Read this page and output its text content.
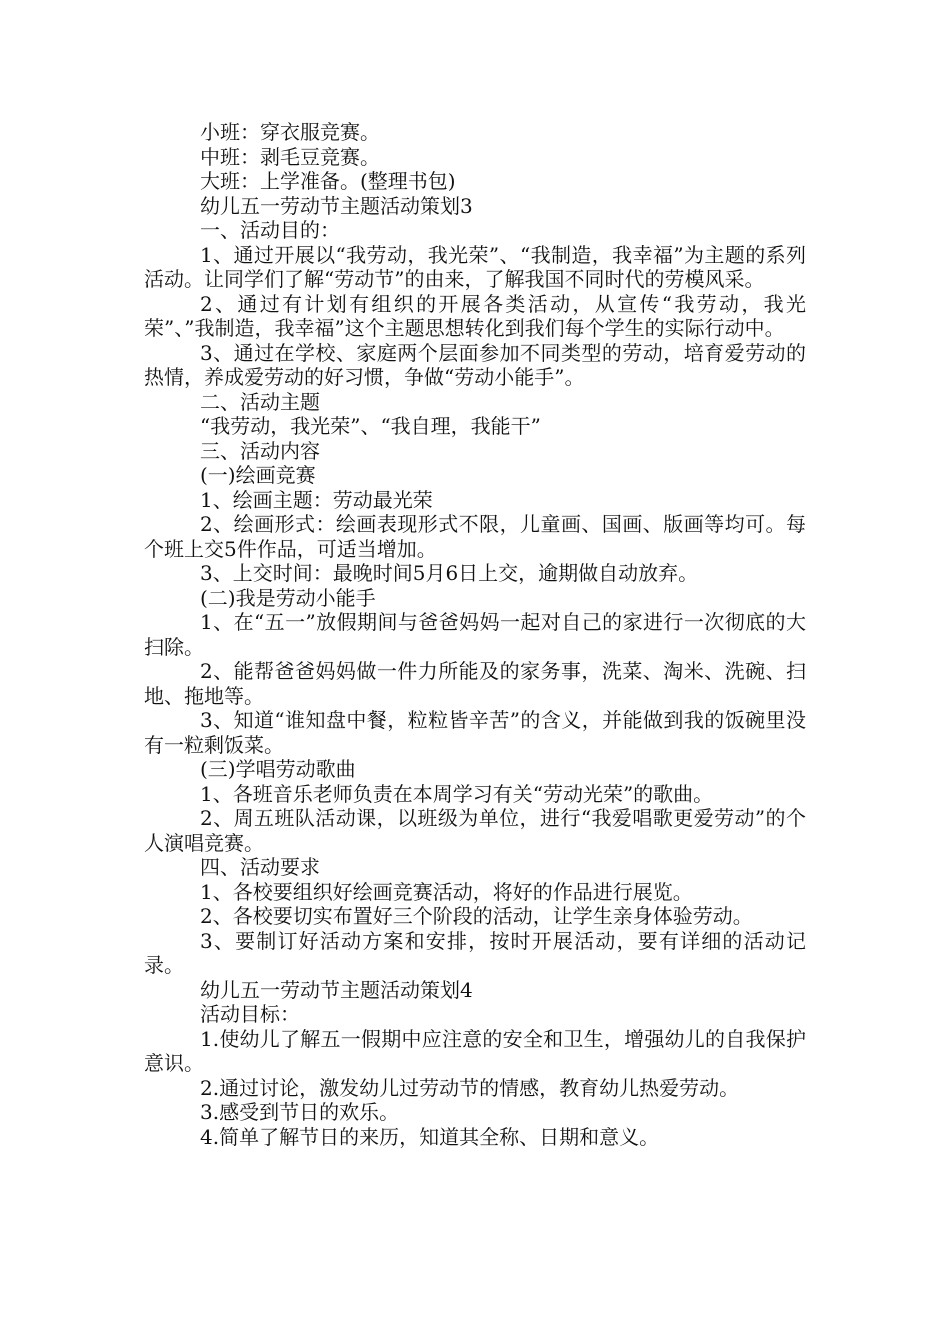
小班：穿衣服竞赛。

中班：剥毛豆竞赛。

大班：上学准备。(整理书包)

幼儿五一劳动节主题活动策划3

一、活动目的：

1、通过开展以“我劳动，我光荣”、“我制造，我幸福”为主题的系列活动。让同学们了解“劳动节”的由来，了解我国不同时代的劳模风采。

2、通过有计划有组织的开展各类活动，从宣传“我劳动，我光荣”、”我制造，我幸福”这个主题思想转化到我们每个学生的实际行动中。

3、通过在学校、家庭两个层面参加不同类型的劳动，培育爱劳动的热情，养成爱劳动的好习惯，争做“劳动小能手”。

二、活动主题

“我劳动，我光荣”、“我自理，我能干”

三、活动内容

(一)绘画竞赛

1、绘画主题：劳动最光荣

2、绘画形式：绘画表现形式不限，儿童画、国画、版画等均可。每个班上交5件作品，可适当增加。

3、上交时间：最晚时间5月6日上交，逾期做自动放弃。

(二)我是劳动小能手

1、在“五一”放假期间与爸爸妈妈一起对自己的家进行一次彻底的大扫除。

2、能帮爸爸妈妈做一件力所能及的家务事，洗菜、淘米、洗碗、扫地、拖地等。

3、知道“谁知盘中餐，粒粒皆辛苦”的含义，并能做到我的饭碗里没有一粒剩饭菜。

(三)学唱劳动歌曲

1、各班音乐老师负责在本周学习有关“劳动光荣”的歌曲。

2、周五班队活动课，以班级为单位，进行“我爱唱歌更爱劳动”的个人演唱竞赛。

四、活动要求

1、各校要组织好绘画竞赛活动，将好的作品进行展览。

2、各校要切实布置好三个阶段的活动，让学生亲身体验劳动。

3、要制订好活动方案和安排，按时开展活动，要有详细的活动记录。

幼儿五一劳动节主题活动策划4

活动目标：

1.使幼儿了解五一假期中应注意的安全和卫生，增强幼儿的自我保护意识。

2.通过讨论，激发幼儿过劳动节的情感，教育幼儿热爱劳动。

3.感受到节日的欢乐。

4.简单了解节日的来历，知道其全称、日期和意义。
